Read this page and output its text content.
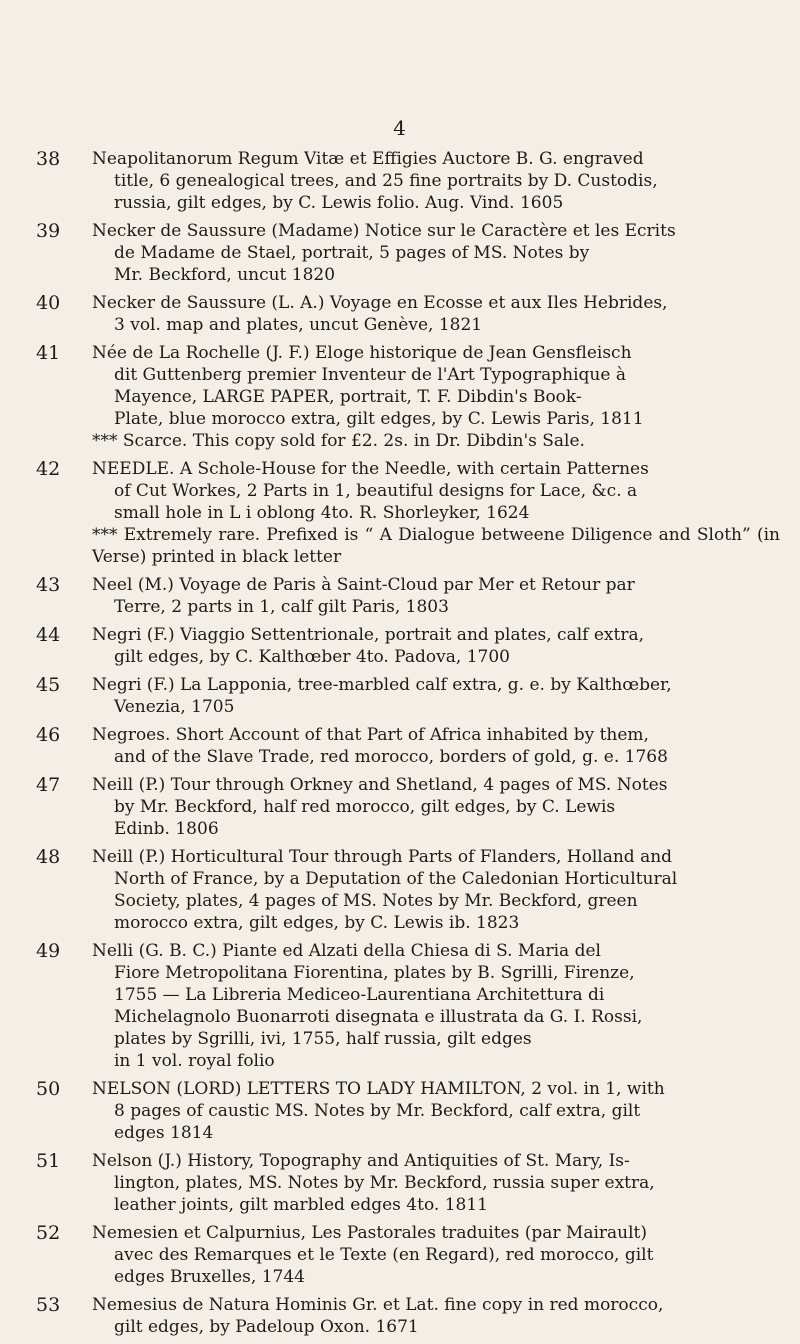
4
38	Neapolitanorum Regum Vitæ et Effigies Auctore B. G. engraved
title, 6 genealogical trees, and 25 fine portraits by D. Custodis,
russia, gilt edges, by C. Lewis folio. Aug. Vind. 1605
39	Necker de Saussure (Madame) Notice sur le Caractère et les Ecrits
de Madame de Stael, portrait, 5 pages of MS. Notes by
Mr. Beckford, uncut 1820
40	Necker de Saussure (L. A.) Voyage en Ecosse et aux Iles Hebrides,
3 vol. map and plates, uncut Genève, 1821
41	Née de La Rochelle (J. F.) Eloge historique de Jean Gensfleisch
dit Guttenberg premier Inventeur de l'Art Typographique à
Mayence, LARGE PAPER, portrait, T. F. Dibdin's Book-
Plate, blue morocco extra, gilt edges, by C. Lewis Paris, 1811
*** Scarce. This copy sold for £2. 2s. in Dr. Dibdin's Sale.
42	NEEDLE. A Schole-House for the Needle, with certain Patternes
of Cut Workes, 2 Parts in 1, beautiful designs for Lace, &c. a
small hole in L i oblong 4to. R. Shorleyker, 1624
*** Extremely rare. Prefixed is “ A Dialogue betweene Diligence and Sloth” (in Verse) printed in black letter
43	Neel (M.) Voyage de Paris à Saint-Cloud par Mer et Retour par
Terre, 2 parts in 1, calf gilt Paris, 1803
44	Negri (F.) Viaggio Settentrionale, portrait and plates, calf extra,
gilt edges, by C. Kalthœber 4to. Padova, 1700
45	Negri (F.) La Lapponia, tree-marbled calf extra, g. e. by Kalthœber,
Venezia, 1705
46	Negroes. Short Account of that Part of Africa inhabited by them,
and of the Slave Trade, red morocco, borders of gold, g. e. 1768
47	Neill (P.) Tour through Orkney and Shetland, 4 pages of MS. Notes
by Mr. Beckford, half red morocco, gilt edges, by C. Lewis
Edinb. 1806
48	Neill (P.) Horticultural Tour through Parts of Flanders, Holland and
North of France, by a Deputation of the Caledonian Horticultural
Society, plates, 4 pages of MS. Notes by Mr. Beckford, green
morocco extra, gilt edges, by C. Lewis ib. 1823
49	Nelli (G. B. C.) Piante ed Alzati della Chiesa di S. Maria del
Fiore Metropolitana Fiorentina, plates by B. Sgrilli, Firenze,
1755 — La Libreria Mediceo-Laurentiana Architettura di
Michelagnolo Buonarroti disegnata e illustrata da G. I. Rossi,
plates by Sgrilli, ivi, 1755, half russia, gilt edges
in 1 vol. royal folio
50	NELSON (LORD) LETTERS TO LADY HAMILTON, 2 vol. in 1, with
8 pages of caustic MS. Notes by Mr. Beckford, calf extra, gilt
edges 1814
51	Nelson (J.) History, Topography and Antiquities of St. Mary, Is-
lington, plates, MS. Notes by Mr. Beckford, russia super extra,
leather joints, gilt marbled edges 4to. 1811
52	Nemesien et Calpurnius, Les Pastorales traduites (par Mairault)
avec des Remarques et le Texte (en Regard), red morocco, gilt
edges Bruxelles, 1744
53	Nemesius de Natura Hominis Gr. et Lat. fine copy in red morocco,
gilt edges, by Padeloup Oxon. 1671
